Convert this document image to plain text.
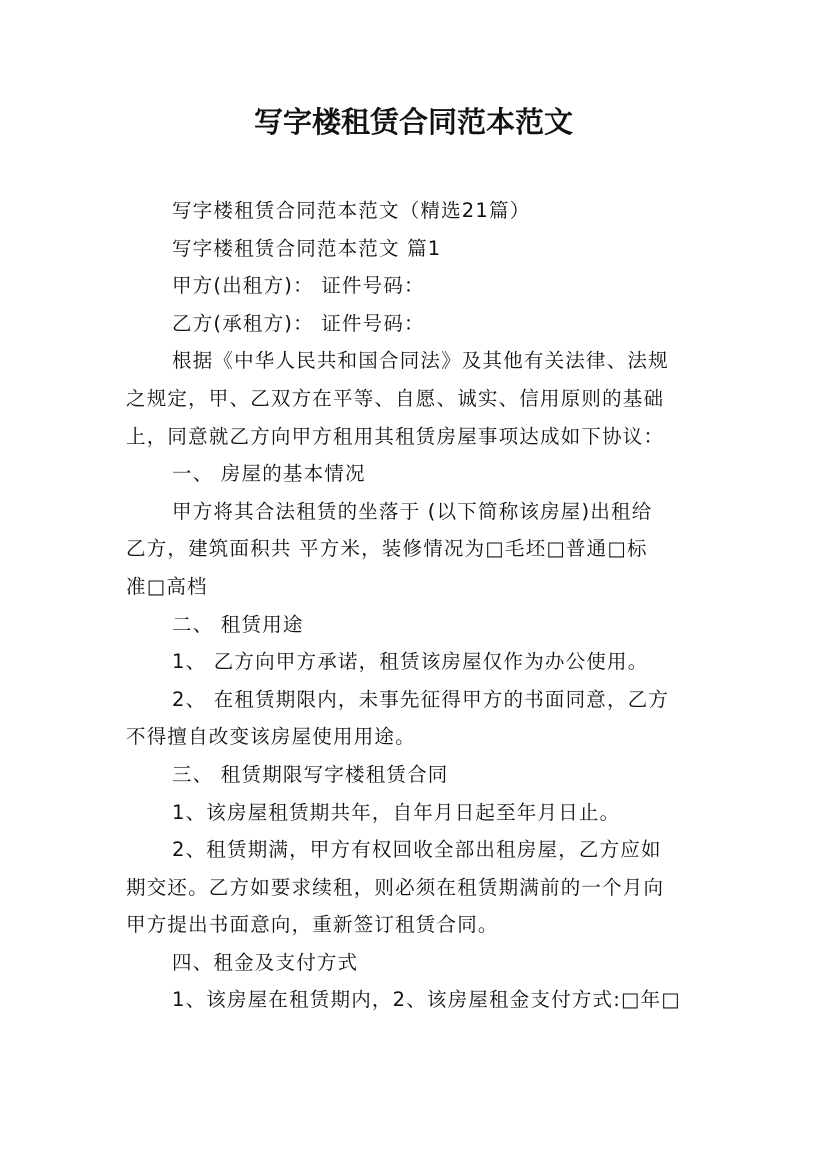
写字楼租赁合同范本范文

写字楼租赁合同范本范文（精选21篇）

写字楼租赁合同范本范文 篇1

甲方(出租方)： 证件号码：

乙方(承租方)： 证件号码：

根据《中华人民共和国合同法》及其他有关法律、法规

之规定，甲、乙双方在平等、自愿、诚实、信用原则的基础

上，同意就乙方向甲方租用其租赁房屋事项达成如下协议：

一、 房屋的基本情况

甲方将其合法租赁的坐落于 (以下简称该房屋)出租给

乙方，建筑面积共 平方米，装修情况为□毛坯□普通□标

准□高档

二、 租赁用途

1、 乙方向甲方承诺，租赁该房屋仅作为办公使用。

2、 在租赁期限内，未事先征得甲方的书面同意，乙方

不得擅自改变该房屋使用用途。

三、 租赁期限写字楼租赁合同

1、该房屋租赁期共年，自年月日起至年月日止。

2、租赁期满，甲方有权回收全部出租房屋，乙方应如

期交还。乙方如要求续租，则必须在租赁期满前的一个月向

甲方提出书面意向，重新签订租赁合同。

四、租金及支付方式

1、该房屋在租赁期内，2、该房屋租金支付方式:□年□
